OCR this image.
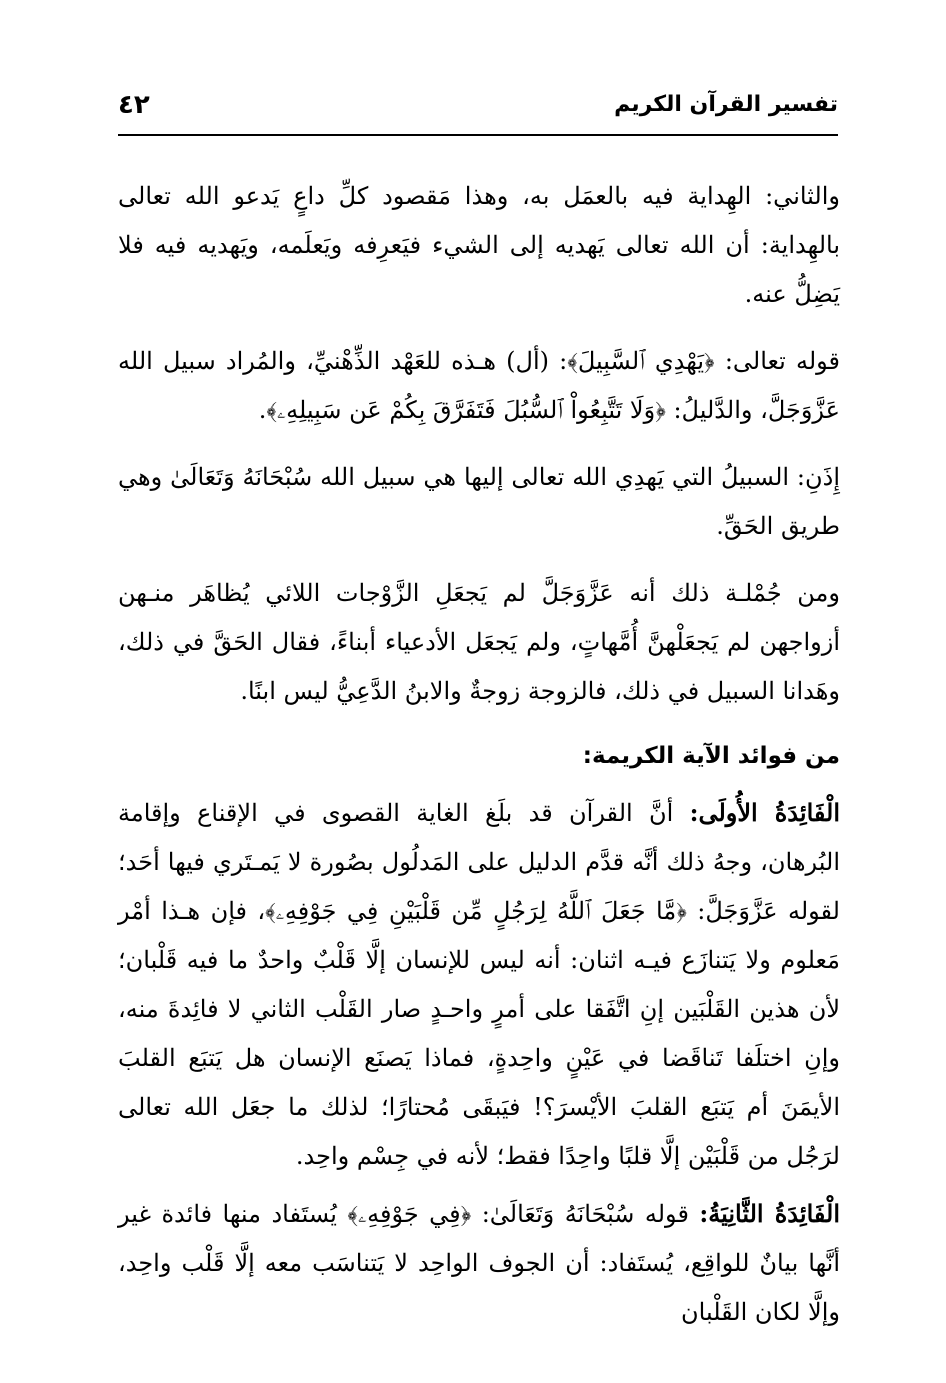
٤٢	تفسير القرآن الكريم

والثاني: الهِداية فيه بالعمَل به، وهذا مَقصود كلِّ داعٍ يَدعو الله تعالى بالهِداية: أن الله تعالى يَهديه إلى الشيء فيَعرِفه ويَعلَمه، ويَهديه فيه فلا يَضِلُّ عنه.

قوله تعالى: ﴿يَهْدِي ٱلسَّبِيلَ﴾: (أل) هـذه للعَهْد الذِّهْنيِّ، والمُراد سبيل الله عَزَّوَجَلَّ، والدَّليلُ: ﴿وَلَا تَتَّبِعُواْ ٱلسُّبُلَ فَتَفَرَّقَ بِكُمْ عَن سَبِيلِهِۦ﴾.

إِذَنِ: السبيلُ التي يَهدِي الله تعالى إليها هي سبيل الله سُبْحَانَهُ وَتَعَالَىٰ وهي طريق الحَقِّ.

ومن جُمْلـة ذلك أنه عَزَّوَجَلَّ لم يَجعَلِ الزَّوْجات اللائي يُظاهَر منـهن أزواجهن لم يَجعَلْهنَّ أُمَّهاتٍ، ولم يَجعَل الأدعياء أبناءً، فقال الحَقَّ في ذلك، وهَدانا السبيل في ذلك، فالزوجة زوجةٌ والابنُ الدَّعِيُّ ليس ابنًا.

من فوائد الآية الكريمة:

الْفَائِدَةُ الأُولَى: أنَّ القرآن قد بلَغ الغاية القصوى في الإقناع وإقامة البُرهان، وجهُ ذلك أنَّه قدَّم الدليل على المَدلُول بصُورة لا يَمـتَري فيها أحَد؛ لقوله عَزَّوَجَلَّ: ﴿مَّا جَعَلَ ٱللَّهُ لِرَجُلٍ مِّن قَلْبَيْنِ فِي جَوْفِهِۦ﴾، فإن هـذا أمْر مَعلوم ولا يَتنازَع فيـه اثنان: أنه ليس للإنسان إلَّا قَلْبٌ واحدٌ ما فيه قَلْبان؛ لأن هذين القَلْبَين إنِ اتَّفَقا على أمرٍ واحـدٍ صار القَلْب الثاني لا فائِدةَ منه، وإنِ اختلَفا تَناقَضا في عَيْنٍ واحِدةٍ، فماذا يَصنَع الإنسان هل يَتبَع القلبَ الأيمَنَ أم يَتبَع القلبَ الأيْسرَ؟! فيَبقَى مُحتارًا؛ لذلك ما جعَل الله تعالى لرَجُل من قَلْبَيْن إلَّا قلبًا واحِدًا فقط؛ لأنه في جِسْم واحِد.

الْفَائِدَةُ الثَّانِيَةُ: قوله سُبْحَانَهُ وَتَعَالَىٰ: ﴿فِي جَوْفِهِۦ﴾ يُستَفاد منها فائدة غير أنَّها بيانٌ للواقِع، يُستَفاد: أن الجوف الواحِد لا يَتناسَب معه إلَّا قَلْب واحِد، وإلَّا لكان القَلْبان
